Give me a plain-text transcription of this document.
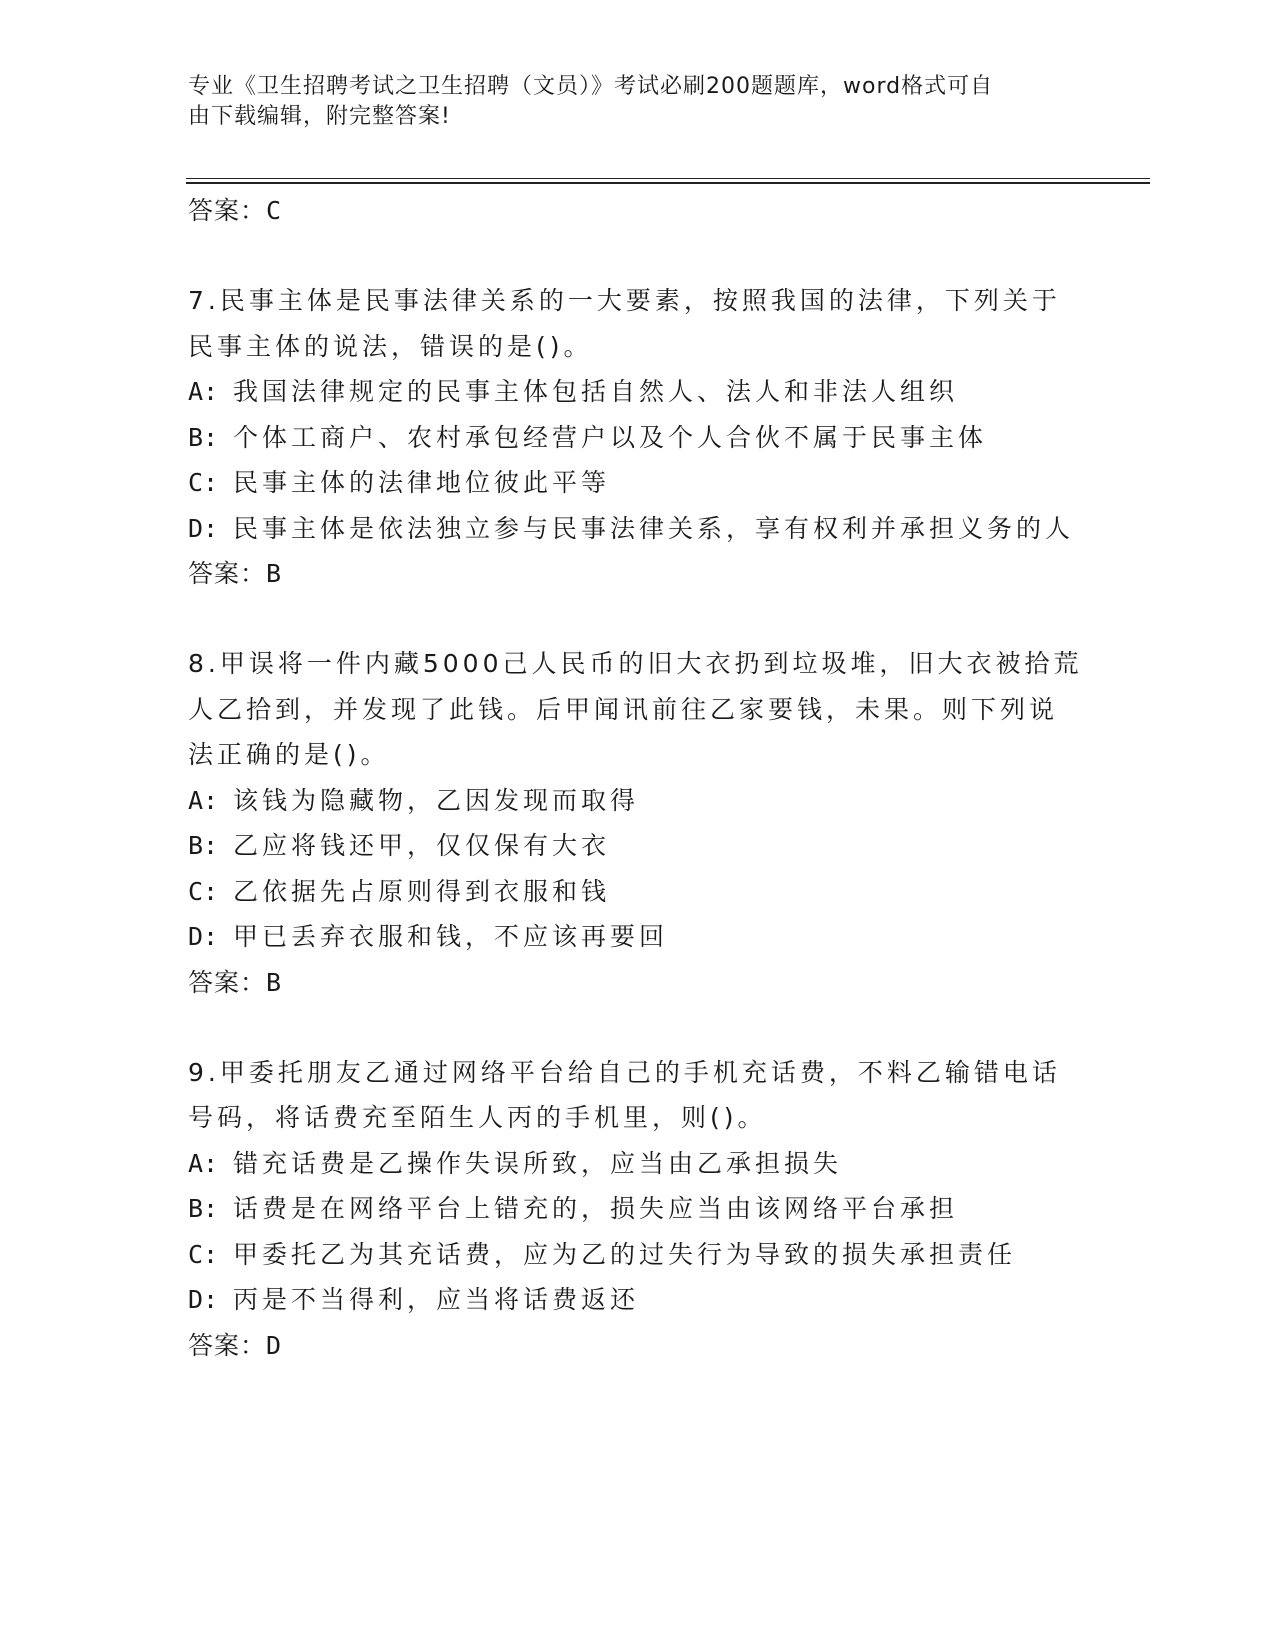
专业《卫生招聘考试之卫生招聘（文员）》考试必刷200题题库，word格式可自
由下载编辑，附完整答案!
答案：C
7.民事主体是民事法律关系的一大要素，按照我国的法律，下列关于
民事主体的说法，错误的是()。
A: 我国法律规定的民事主体包括自然人、法人和非法人组织
B: 个体工商户、农村承包经营户以及个人合伙不属于民事主体
C: 民事主体的法律地位彼此平等
D: 民事主体是依法独立参与民事法律关系，享有权利并承担义务的人
答案：B
8.甲误将一件内藏5000己人民币的旧大衣扔到垃圾堆，旧大衣被拾荒
人乙拾到，并发现了此钱。后甲闻讯前往乙家要钱，未果。则下列说
法正确的是()。
A: 该钱为隐藏物，乙因发现而取得
B: 乙应将钱还甲，仅仅保有大衣
C: 乙依据先占原则得到衣服和钱
D: 甲已丢弃衣服和钱，不应该再要回
答案：B
9.甲委托朋友乙通过网络平台给自己的手机充话费，不料乙输错电话
号码，将话费充至陌生人丙的手机里，则()。
A: 错充话费是乙操作失误所致，应当由乙承担损失
B: 话费是在网络平台上错充的，损失应当由该网络平台承担
C: 甲委托乙为其充话费，应为乙的过失行为导致的损失承担责任
D: 丙是不当得利，应当将话费返还
答案：D
